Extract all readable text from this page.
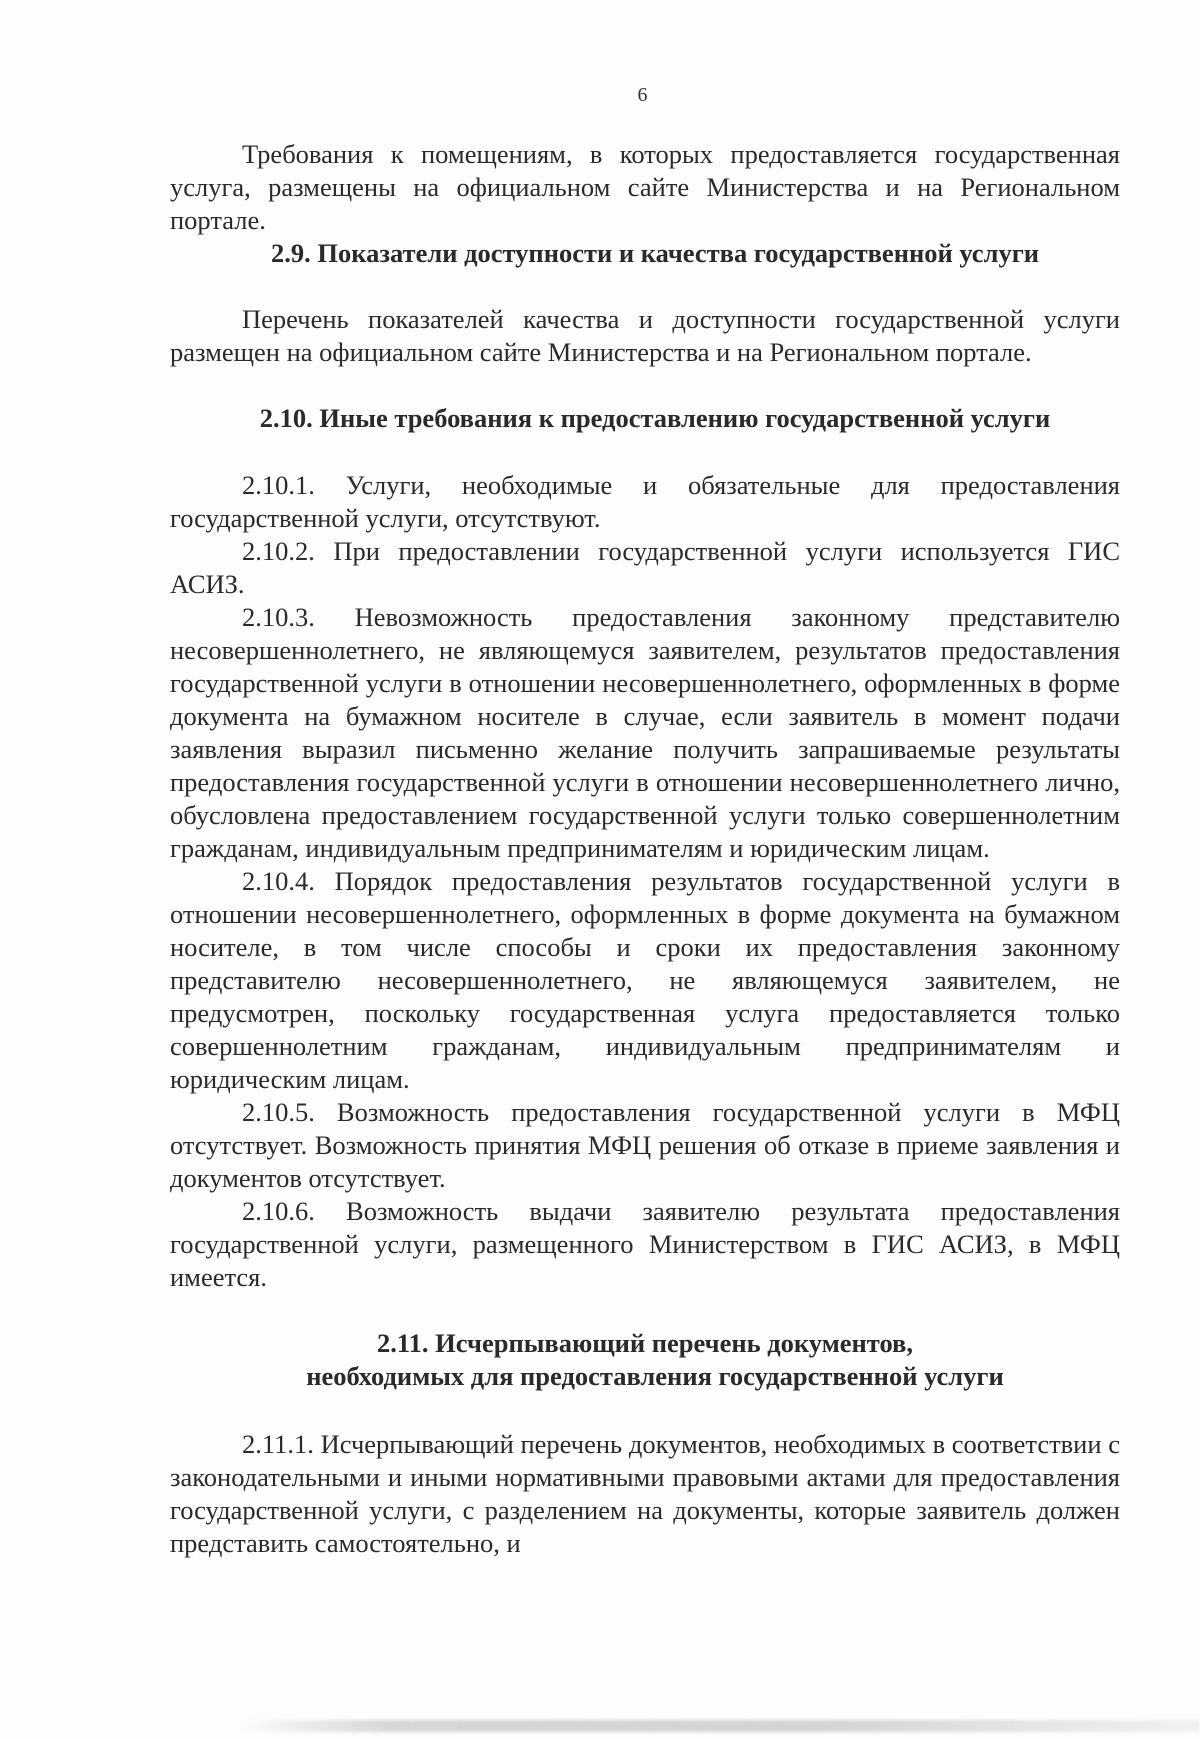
6

Требования к помещениям, в которых предоставляется государственная услуга, размещены на официальном сайте Министерства и на Региональном портале.

2.9. Показатели доступности и качества государственной услуги

Перечень показателей качества и доступности государственной услуги размещен на официальном сайте Министерства и на Региональном портале.

2.10. Иные требования к предоставлению государственной услуги

2.10.1. Услуги, необходимые и обязательные для предоставления государственной услуги, отсутствуют.

2.10.2. При предоставлении государственной услуги используется ГИС АСИЗ.

2.10.3. Невозможность предоставления законному представителю несовершеннолетнего, не являющемуся заявителем, результатов предоставления государственной услуги в отношении несовершеннолетнего, оформленных в форме документа на бумажном носителе в случае, если заявитель в момент подачи заявления выразил письменно желание получить запрашиваемые результаты предоставления государственной услуги в отношении несовершеннолетнего лично, обусловлена предоставлением государственной услуги только совершеннолетним гражданам, индивидуальным предпринимателям и юридическим лицам.

2.10.4. Порядок предоставления результатов государственной услуги в отношении несовершеннолетнего, оформленных в форме документа на бумажном носителе, в том числе способы и сроки их предоставления законному представителю несовершеннолетнего, не являющемуся заявителем, не предусмотрен, поскольку государственная услуга предоставляется только совершеннолетним гражданам, индивидуальным предпринимателям и юридическим лицам.

2.10.5. Возможность предоставления государственной услуги в МФЦ отсутствует. Возможность принятия МФЦ решения об отказе в приеме заявления и документов отсутствует.

2.10.6. Возможность выдачи заявителю результата предоставления государственной услуги, размещенного Министерством в ГИС АСИЗ, в МФЦ имеется.

2.11. Исчерпывающий перечень документов,

необходимых для предоставления государственной услуги

2.11.1. Исчерпывающий перечень документов, необходимых в соответствии с законодательными и иными нормативными правовыми актами для предоставления государственной услуги, с разделением на документы, которые заявитель должен представить самостоятельно, и
